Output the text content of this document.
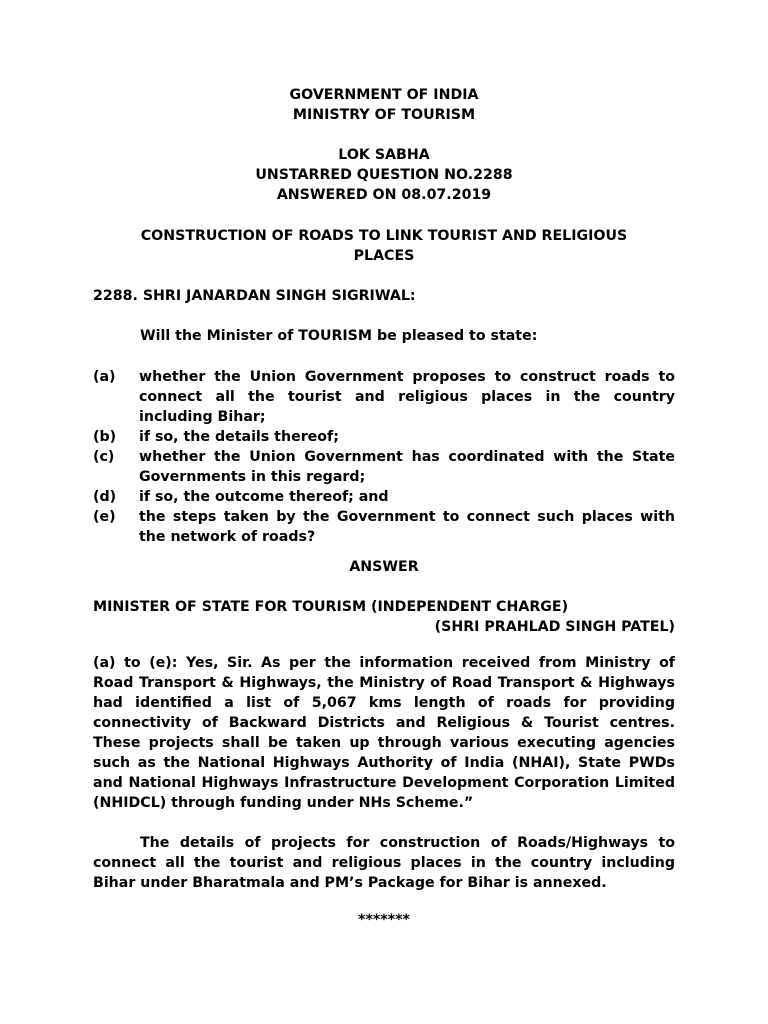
GOVERNMENT OF INDIA
MINISTRY OF TOURISM
LOK SABHA
UNSTARRED QUESTION NO.2288
ANSWERED ON 08.07.2019
CONSTRUCTION OF ROADS TO LINK TOURIST AND RELIGIOUS
PLACES
2288. SHRI JANARDAN SINGH SIGRIWAL:
Will the Minister of TOURISM be pleased to state:
(a)	whether the Union Government proposes to construct roads to connect all the tourist and religious places in the country including Bihar;
(b)	if so, the details thereof;
(c)	whether the Union Government has coordinated with the State Governments in this regard;
(d)	if so, the outcome thereof; and
(e)	the steps taken by the Government to connect such places with the network of roads?
ANSWER
MINISTER OF STATE FOR TOURISM (INDEPENDENT CHARGE)
(SHRI PRAHLAD SINGH PATEL)
(a) to (e): Yes, Sir. As per the information received from Ministry of Road Transport & Highways, the Ministry of Road Transport & Highways had identified a list of 5,067 kms length of roads for providing connectivity of Backward Districts and Religious & Tourist centres. These projects shall be taken up through various executing agencies such as the National Highways Authority of India (NHAI), State PWDs and National Highways Infrastructure Development Corporation Limited (NHIDCL) through funding under NHs Scheme.”
The details of projects for construction of Roads/Highways to connect all the tourist and religious places in the country including Bihar under Bharatmala and PM’s Package for Bihar is annexed.
*******
